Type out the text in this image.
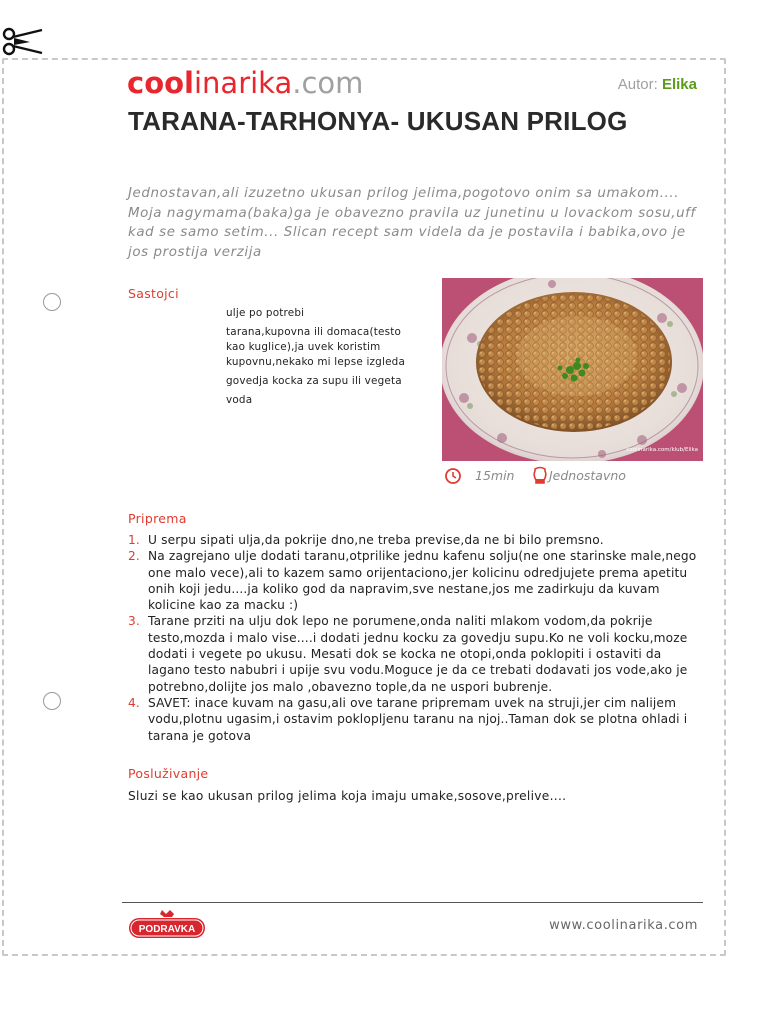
coolinarika.com	Autor: Elika
TARANA-TARHONYA- UKUSAN PRILOG

Jednostavan,ali izuzetno ukusan prilog jelima,pogotovo onim sa umakom.... Moja nagymama(baka)ga je obavezno pravila uz junetinu u lovackom sosu,uff kad se samo setim... Slican recept sam videla da je postavila i babika,ovo je jos prostija verzija

Sastojci
ulje po potrebi
tarana,kupovna ili domaca(testo kao kuglice),ja uvek koristim kupovnu,nekako mi lepse izgleda
govedja kocka za supu ili vegeta
voda
coolinarika.com/klub/Elika
15min	Jednostavno
Priprema
1. U serpu sipati ulja,da pokrije dno,ne treba previse,da ne bi bilo premsno.
2. Na zagrejano ulje dodati taranu,otprilike jednu kafenu solju(ne one starinske male,nego one malo vece),ali to kazem samo orijentaciono,jer kolicinu odredjujete prema apetitu onih koji jedu....ja koliko god da napravim,sve nestane,jos me zadirkuju da kuvam kolicine kao za macku :)
3. Tarane prziti na ulju dok lepo ne porumene,onda naliti mlakom vodom,da pokrije testo,mozda i malo vise....i dodati jednu kocku za govedju supu.Ko ne voli kocku,moze dodati i vegete po ukusu. Mesati dok se kocka ne otopi,onda poklopiti i ostaviti da lagano testo nabubri i upije svu vodu.Moguce je da ce trebati dodavati jos vode,ako je potrebno,dolijte jos malo ,obavezno tople,da ne uspori bubrenje.
4. SAVET: inace kuvam na gasu,ali ove tarane pripremam uvek na struji,jer cim nalijem vodu,plotnu ugasim,i ostavim poklopljenu taranu na njoj..Taman dok se plotna ohladi i tarana je gotova
Posluživanje
Sluzi se kao ukusan prilog jelima koja imaju umake,sosove,prelive....
PODRAVKA	www.coolinarika.com
